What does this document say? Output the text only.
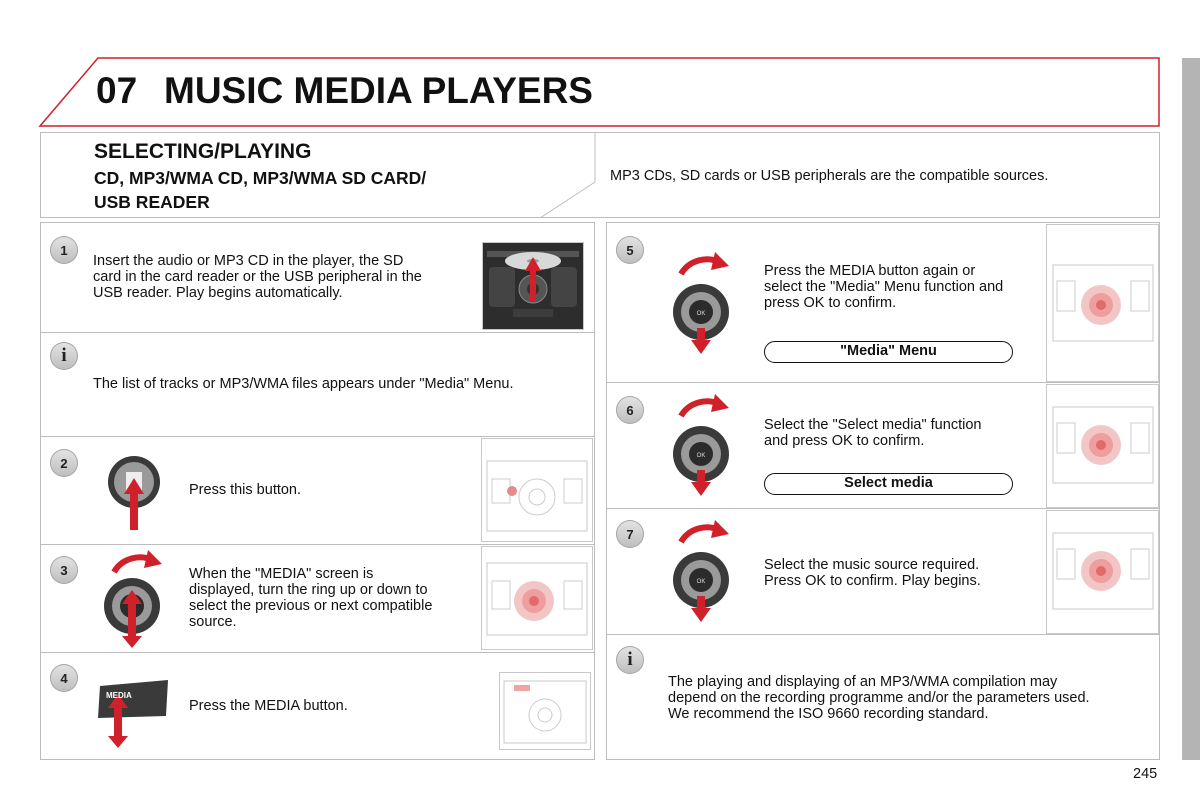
07 MUSIC MEDIA PLAYERS
SELECTING/PLAYING
CD, MP3/WMA CD, MP3/WMA SD CARD/
USB READER
MP3 CDs, SD cards or USB peripherals are the compatible sources.
1
Insert the audio or MP3 CD in the player, the SD
card in the card reader or the USB peripheral in the
USB reader. Play begins automatically.
i
The list of tracks or MP3/WMA files appears under "Media" Menu.
2
Press this button.
3	When the "MEDIA" screen is
displayed, turn the ring up or down to
select the previous or next compatible
source.
4
MEDIA
Press the MEDIA button.
5
OK
Press the MEDIA button again or
select the "Media" Menu function and
press OK to confirm.
"Media" Menu
6
OK
Select the "Select media" function
and press OK to confirm.
Select media
7
OK
Select the music source required.
Press OK to confirm. Play begins.
i
The playing and displaying of an MP3/WMA compilation may
depend on the recording programme and/or the parameters used.
We recommend the ISO 9660 recording standard.
245
